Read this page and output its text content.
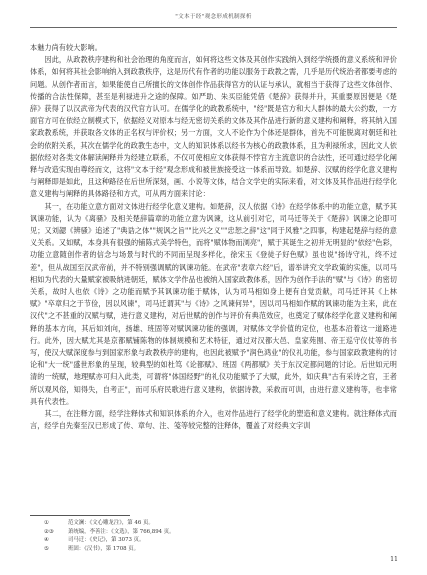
"文本于经"观念形成机制探析

本魅力尚有较大影响。

因此，从政教秩序建构和社会治理的角度而言，如何将这些文体及其创作实践纳入到经学统摄的意义系统和评价体系，如何将其社会影响纳入到政教秩序，这是历代有作者的功能以服务于政教之需，几乎是历代统治者都要考虑的问题。从创作者而言，如果能使自己所擅长的文体创作作品获得官方的认证与承认，就相当于获得了这些文体创作、传播的合法性保障，甚至是利禄进升之途的保障。如严助、朱买臣能凭借《楚辞》获得并升，其重要原因便是《楚辞》获得了以汉武帝为代表的汉代官方认可。在儒学化的政教系统中，"经"既是官方和大人群体的最大公约数，一方面官方可在依经立制模式下，依据经义对原本与经无密切关系的文体及其作品进行新的意义建构和阐释，将其纳入国家政教系统，并获取各文体的正名权与评价权；另一方面，文人不论作为个体还是群体，首先不可能脱离对朝廷和社会的依附关系，其次在儒学化的政教生态中，文人的知识体系以经书为核心的政教体系，且为利禄所求，因此文人依据依经对各类文体解读阐释并为经建立联系，不仅可使相应文体获得不悖官方主流意识的合法性，还可通过经学化阐释与改造实现由尊经而文，这将"文本于经"观念形成和被世族接受这一体系而导致。如楚辞、汉赋的经学化意义建构与阐释即是如此，且这种路径在后世所深刻，画、小说等文体，结合文学史的实际来看，对文体及其作品进行经学化意义建构与阐释的具体路径和方式，可从两方面来讨论：

其一，在功能立意方面对文体进行经学化意义建构。如楚辞，汉人依据《诗》在经学体系中的功能立意，赋予其讽谏功能，认为《离骚》及相关楚辞篇章的功能立意为讽谏，这从前引对它，司马迁等关于《楚辞》讽谏之论即可见；又刘勰《辨骚》追述了"典诰之体""规讽之旨""比兴之义""忠恕之辞"这"同于风雅"之四事，构建起楚辞与经的意义关系。又如赋，本身具有很强的铺陈式美学特色，而将"赋体物而浏亮"，赋于其诞生之初并无明显的"依经"色彩，功能立意随创作者的信念与场景与时代的不同而呈现多样化，徐宋玉《登徒子好色赋》虽也说"扬诗守礼，终不过差"，但从战国至汉武帝前，并不特别强调赋的讽谏功能。在武帝"表章六经"后，谱举讲究文学政策的实施，以司马相如为代表的大量赋家被吸纳进朝廷，赋体文学作品也被纳入国家政教体系，因作为创作手法的"赋"与《诗》的密切关系，故时人也依《诗》之功能而赋予其讽谏功能于赋体，认为司马相如身上便有自觉贡献，司马迁评其《上林赋》"卒章归之于节俭，因以风谏"，司马迁谓其"与《诗》之风谏何异"，因以司马相如作赋的讽谏功能为主来，此在汉代"之不甚重的汉赋与赋，进行意义建构，对后世赋的创作与评价有典范效应，也奠定了赋体经学化意义建构和阐释的基本方向，其后如刘向，扬雄、班固等对赋讽谏功能的强调，对赋体文学价值的定位，也基本沿着这一道路进行。此外，因大赋尤其是京都赋铺陈物的体制规模和艺术特征，通过对汉都大邑、皇家苑囿、帝王巡守仪仗等的书写，使汉大赋深度参与到国家形象与政教秩序的建构，也因此被赋予"润色鸿业"的仪礼功能，参与国家政教建构的讨论和"大一统"盛世形象的呈现，较典型的如杜笃《论都赋》、班固《两都赋》关于东汉定都问题的讨论。后世如元明清的一统赋，地理赋亦可归入此类，可谓将"体国经野"的礼仪功能赋予了大赋，此外，如庆典"古有采诗之官，王者所以观风俗，知得失，自考正"，而可乐府民歌进行意义建构，依据诗教，采救而可训，由进行意义建构等，也非常具有代表性。

其二，在注释方面，经学注释体式和知识体系的介入，也对作品进行了经学化的塑造和意义建构。就注释体式而言，经学自先秦至汉已形成了传、章句、注、笺等较完整的注释体，覆盖了对经典文字训

①	范文澜：《文心雕龙注》，第 46 页。
②③	萧统编，李善注：《文选》，第 766,894 页。
④	司马迁：《史记》，第 3073 页。
⑤	班固：《汉书》，第 1708 页。
11
